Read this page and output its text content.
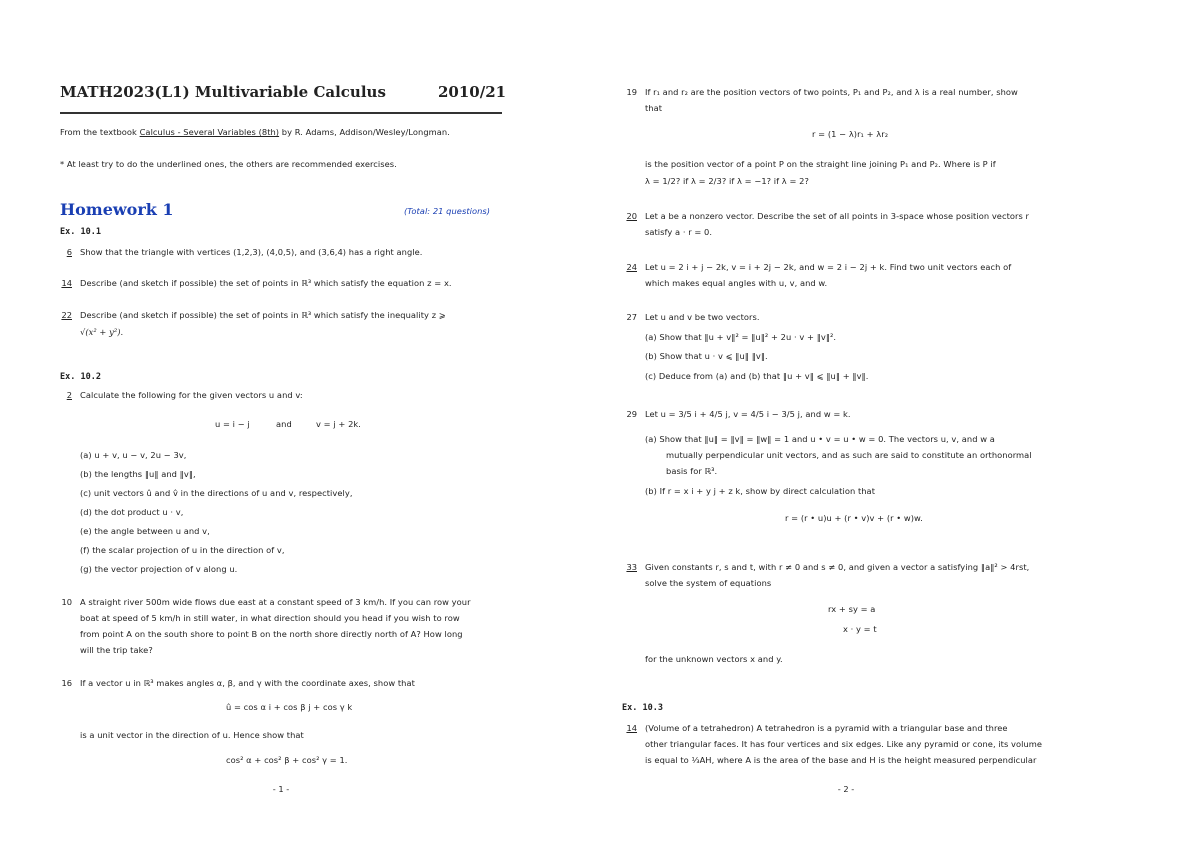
MATH2023(L1) Multivariable Calculus	2010/21
From the textbook Calculus - Several Variables (8th) by R. Adams, Addison/Wesley/Longman.
* At least try to do the underlined ones, the others are recommended exercises.
Homework 1	(Total: 21 questions)
Ex. 10.1
6 Show that the triangle with vertices (1,2,3), (4,0,5), and (3,6,4) has a right angle.
14 Describe (and sketch if possible) the set of points in ℝ³ which satisfy the equation z = x.
22 Describe (and sketch if possible) the set of points in ℝ³ which satisfy the inequality z ⩾
√(x² + y²).
Ex. 10.2
2 Calculate the following for the given vectors u and v:
u = i − j	and	v = j + 2k.
(a) u + v, u − v, 2u − 3v,
(b) the lengths ‖u‖ and ‖v‖,
(c) unit vectors û and v̂ in the directions of u and v, respectively,
(d) the dot product u · v,
(e) the angle between u and v,
(f) the scalar projection of u in the direction of v,
(g) the vector projection of v along u.
10 A straight river 500m wide flows due east at a constant speed of 3 km/h. If you can row your
boat at speed of 5 km/h in still water, in what direction should you head if you wish to row
from point A on the south shore to point B on the north shore directly north of A? How long
will the trip take?
16 If a vector u in ℝ³ makes angles α, β, and γ with the coordinate axes, show that
û = cos α i + cos β j + cos γ k
is a unit vector in the direction of u. Hence show that
cos² α + cos² β + cos² γ = 1.
- 1 -
19 If r₁ and r₂ are the position vectors of two points, P₁ and P₂, and λ is a real number, show
that
r = (1 − λ)r₁ + λr₂
is the position vector of a point P on the straight line joining P₁ and P₂. Where is P if
λ = 1/2? if λ = 2/3? if λ = −1? if λ = 2?
20 Let a be a nonzero vector. Describe the set of all points in 3-space whose position vectors r
satisfy a · r = 0.
24 Let u = 2 i + j − 2k, v = i + 2j − 2k, and w = 2 i − 2j + k. Find two unit vectors each of
which makes equal angles with u, v, and w.
27 Let u and v be two vectors.
(a) Show that ‖u + v‖² = ‖u‖² + 2u · v + ‖v‖².
(b) Show that u · v ⩽ ‖u‖ ‖v‖.
(c) Deduce from (a) and (b) that ‖u + v‖ ⩽ ‖u‖ + ‖v‖.
29 Let u = 3/5 i + 4/5 j, v = 4/5 i − 3/5 j, and w = k.
(a) Show that ‖u‖ = ‖v‖ = ‖w‖ = 1 and u • v = u • w = 0. The vectors u, v, and w a
mutually perpendicular unit vectors, and as such are said to constitute an orthonormal
basis for ℝ³.
(b) If r = x i + y j + z k, show by direct calculation that
r = (r • u)u + (r • v)v + (r • w)w.
33 Given constants r, s and t, with r ≠ 0 and s ≠ 0, and given a vector a satisfying ‖a‖² > 4rst,
solve the system of equations
rx + sy = a
x · y = t
for the unknown vectors x and y.
Ex. 10.3
14 (Volume of a tetrahedron) A tetrahedron is a pyramid with a triangular base and three
other triangular faces. It has four vertices and six edges. Like any pyramid or cone, its volume
is equal to ⅓AH, where A is the area of the base and H is the height measured perpendicular
- 2 -
